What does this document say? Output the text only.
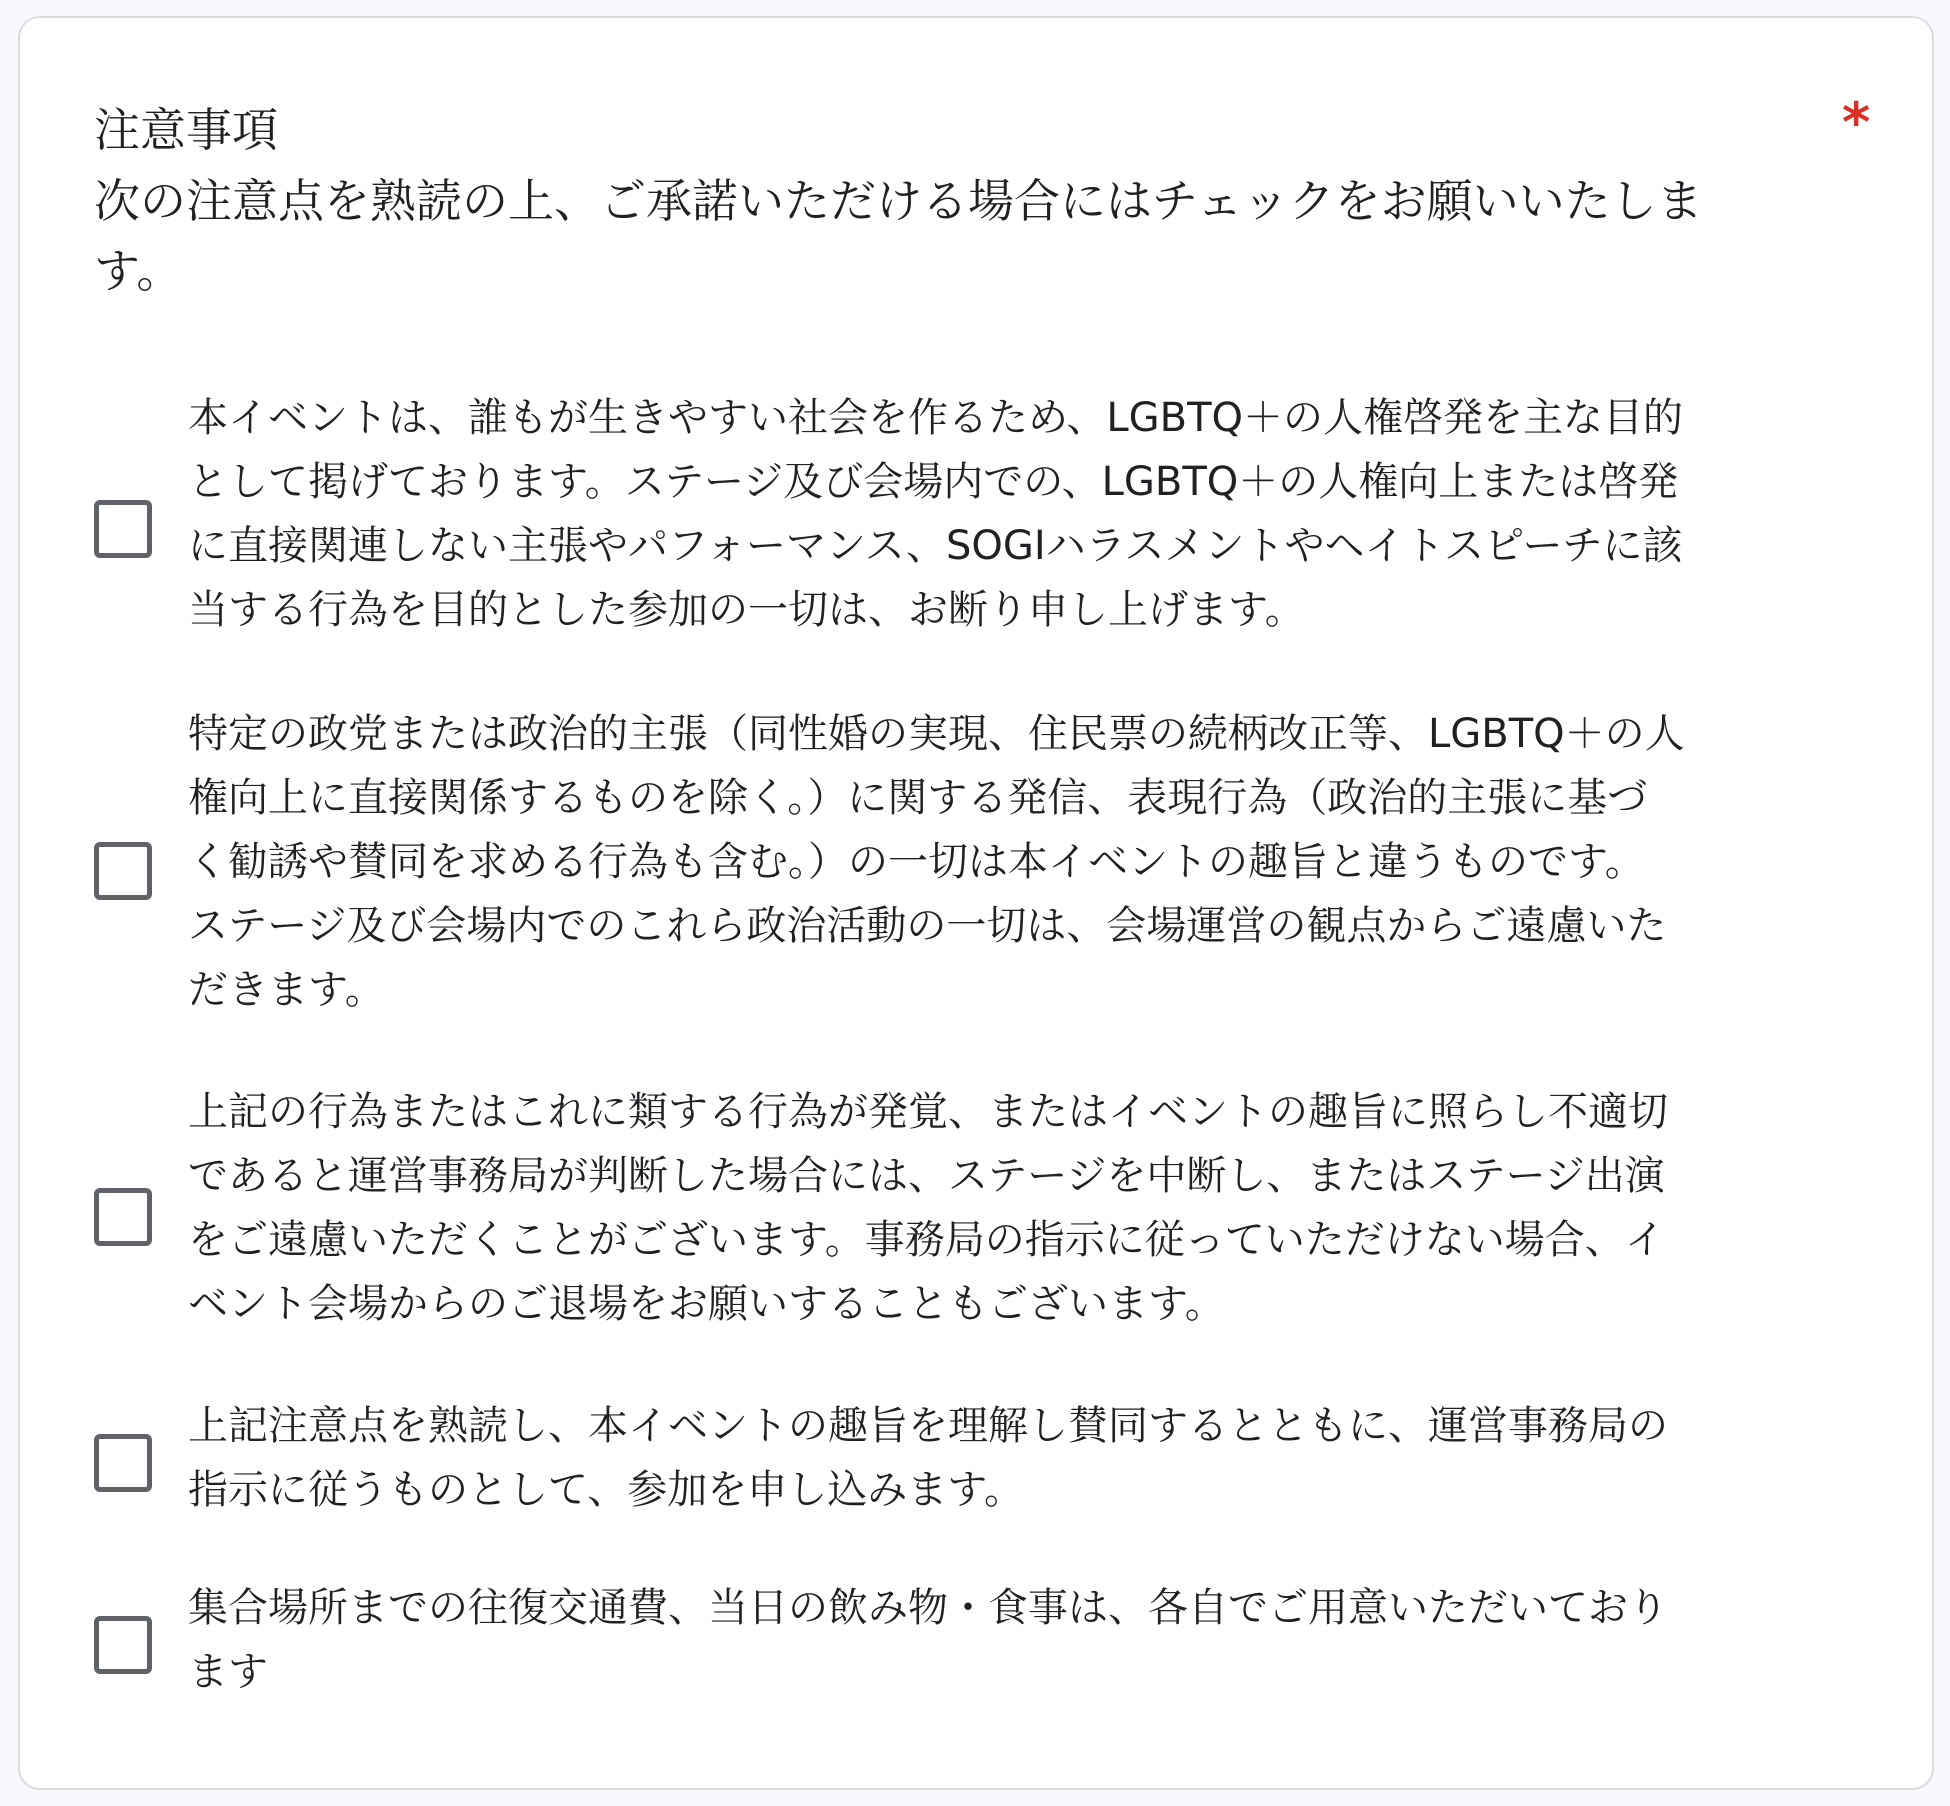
注意事項

次の注意点を熟読の上、ご承諾いただける場合にはチェックをお願いいたしま
す。

*

本イベントは、誰もが生きやすい社会を作るため、LGBTQ＋の人権啓発を主な目的
として掲げております。ステージ及び会場内での、LGBTQ＋の人権向上または啓発
に直接関連しない主張やパフォーマンス、SOGIハラスメントやヘイトスピーチに該
当する行為を目的とした参加の一切は、お断り申し上げます。

特定の政党または政治的主張（同性婚の実現、住民票の続柄改正等、LGBTQ＋の人
権向上に直接関係するものを除く。）に関する発信、表現行為（政治的主張に基づ
く勧誘や賛同を求める行為も含む。）の一切は本イベントの趣旨と違うものです。
ステージ及び会場内でのこれら政治活動の一切は、会場運営の観点からご遠慮いた
だきます。

上記の行為またはこれに類する行為が発覚、またはイベントの趣旨に照らし不適切
であると運営事務局が判断した場合には、ステージを中断し、またはステージ出演
をご遠慮いただくことがございます。事務局の指示に従っていただけない場合、イ
ベント会場からのご退場をお願いすることもございます。

上記注意点を熟読し、本イベントの趣旨を理解し賛同するとともに、運営事務局の
指示に従うものとして、参加を申し込みます。

集合場所までの往復交通費、当日の飲み物・食事は、各自でご用意いただいており
ます
